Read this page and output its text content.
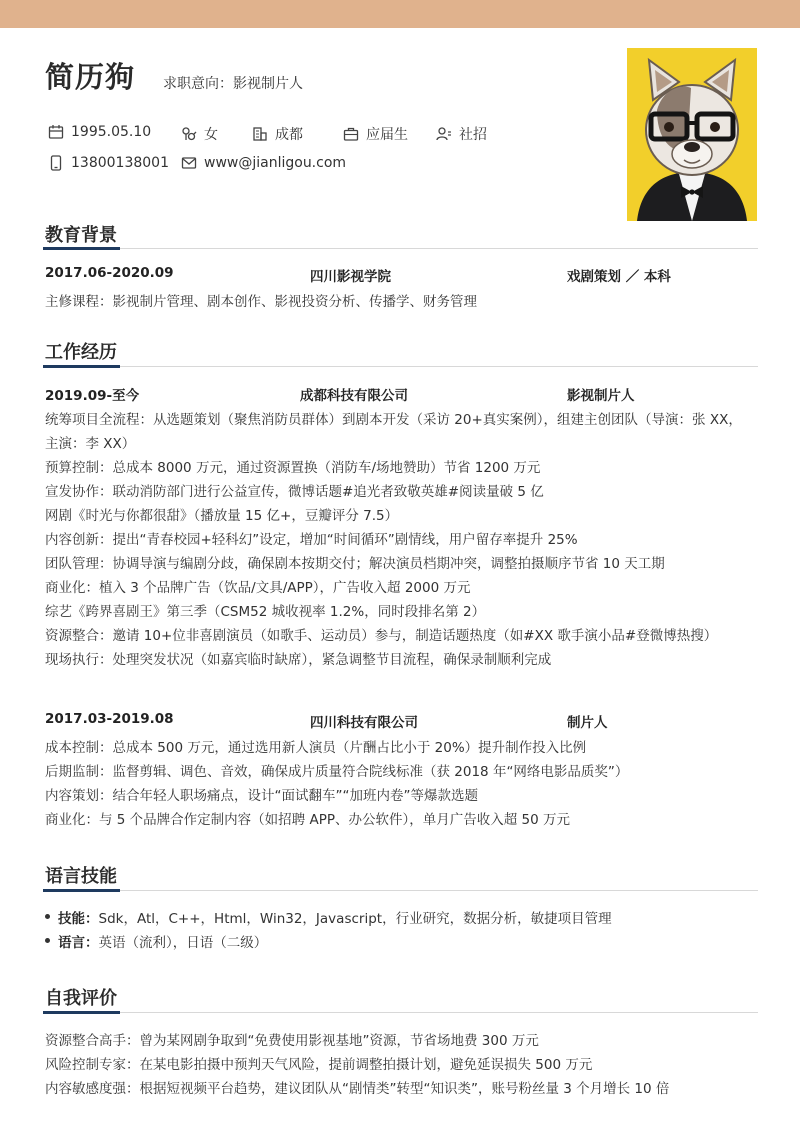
简历狗 求职意向：影视制片人
1995.05.10	女	成都	应届生	社招
13800138001	www@jianligou.com
教育背景
2017.06-2020.09	四川影视学院	戏剧策划 ／ 本科
主修课程：影视制片管理、剧本创作、影视投资分析、传播学、财务管理
工作经历
2019.09-至今	成都科技有限公司	影视制片人
统筹项目全流程：从选题策划（聚焦消防员群体）到剧本开发（采访 20+真实案例），组建主创团队（导演：张 XX，
主演：李 XX）
预算控制：总成本 8000 万元，通过资源置换（消防车/场地赞助）节省 1200 万元
宣发协作：联动消防部门进行公益宣传，微博话题#追光者致敬英雄#阅读量破 5 亿
网剧《时光与你都很甜》（播放量 15 亿+，豆瓣评分 7.5）
内容创新：提出“青春校园+轻科幻”设定，增加“时间循环”剧情线，用户留存率提升 25%
团队管理：协调导演与编剧分歧，确保剧本按期交付；解决演员档期冲突，调整拍摄顺序节省 10 天工期
商业化：植入 3 个品牌广告（饮品/文具/APP），广告收入超 2000 万元
综艺《跨界喜剧王》第三季（CSM52 城收视率 1.2%，同时段排名第 2）
资源整合：邀请 10+位非喜剧演员（如歌手、运动员）参与，制造话题热度（如#XX 歌手演小品#登微博热搜）
现场执行：处理突发状况（如嘉宾临时缺席），紧急调整节目流程，确保录制顺利完成
2017.03-2019.08	四川科技有限公司	制片人
成本控制：总成本 500 万元，通过选用新人演员（片酬占比小于 20%）提升制作投入比例
后期监制：监督剪辑、调色、音效，确保成片质量符合院线标准（获 2018 年“网络电影品质奖”）
内容策划：结合年轻人职场痛点，设计“面试翻车”“加班内卷”等爆款选题
商业化：与 5 个品牌合作定制内容（如招聘 APP、办公软件），单月广告收入超 50 万元
语言技能
技能：Sdk，Atl，C++，Html，Win32，Javascript，行业研究，数据分析，敏捷项目管理
语言：英语（流利），日语（二级）
自我评价
资源整合高手：曾为某网剧争取到“免费使用影视基地”资源，节省场地费 300 万元
风险控制专家：在某电影拍摄中预判天气风险，提前调整拍摄计划，避免延误损失 500 万元
内容敏感度强：根据短视频平台趋势，建议团队从“剧情类”转型“知识类”，账号粉丝量 3 个月增长 10 倍
